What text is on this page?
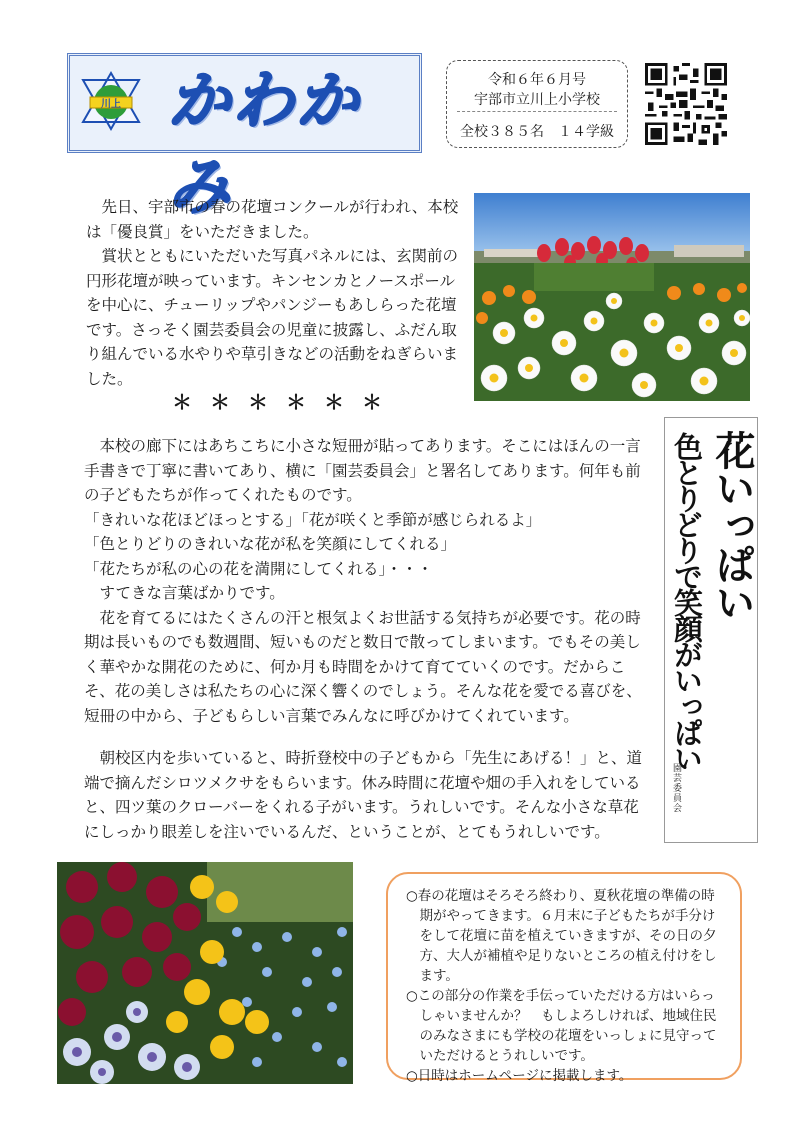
川上 かわかみ
令和６年６月号
宇部市立川上小学校
全校３８５名　１４学級
先日、宇部市の春の花壇コンクールが行われ、本校は「優良賞」をいただきました。
賞状とともにいただいた写真パネルには、玄関前の円形花壇が映っています。キンセンカとノースポールを中心に、チューリップやパンジーもあしらった花壇です。さっそく園芸委員会の児童に披露し、ふだん取り組んでいる水やりや草引きなどの活動をねぎらいました。
＊＊＊＊＊＊
本校の廊下にはあちこちに小さな短冊が貼ってあります。そこにはほんの一言手書きで丁寧に書いてあり、横に「園芸委員会」と署名してあります。何年も前の子どもたちが作ってくれたものです。
「きれいな花ほどほっとする」「花が咲くと季節が感じられるよ」
「色とりどりのきれいな花が私を笑顔にしてくれる」
「花たちが私の心の花を満開にしてくれる」・・・
すてきな言葉ばかりです。
花を育てるにはたくさんの汗と根気よくお世話する気持ちが必要です。花の時期は長いものでも数週間、短いものだと数日で散ってしまいます。でもその美しく華やかな開花のために、何か月も時間をかけて育てていくのです。だからこそ、花の美しさは私たちの心に深く響くのでしょう。そんな花を愛でる喜びを、短冊の中から、子どもらしい言葉でみんなに呼びかけてくれています。
朝校区内を歩いていると、時折登校中の子どもから「先生にあげる！」と、道端で摘んだシロツメクサをもらいます。休み時間に花壇や畑の手入れをしていると、四ツ葉のクローバーをくれる子がいます。うれしいです。そんな小さな草花にしっかり眼差しを注いでいるんだ、ということが、とてもうれしいです。
花いっぱい
色とりどりで笑顔がいっぱい
園芸委員会
○春の花壇はそろそろ終わり、夏秋花壇の準備の時期がやってきます。６月末に子どもたちが手分けをして花壇に苗を植えていきますが、その日の夕方、大人が補植や足りないところの植え付けをします。
○この部分の作業を手伝っていただける方はいらっしゃいませんか？　もしよろしければ、地域住民のみなさまにも学校の花壇をいっしょに見守っていただけるとうれしいです。
○日時はホームページに掲載します。
